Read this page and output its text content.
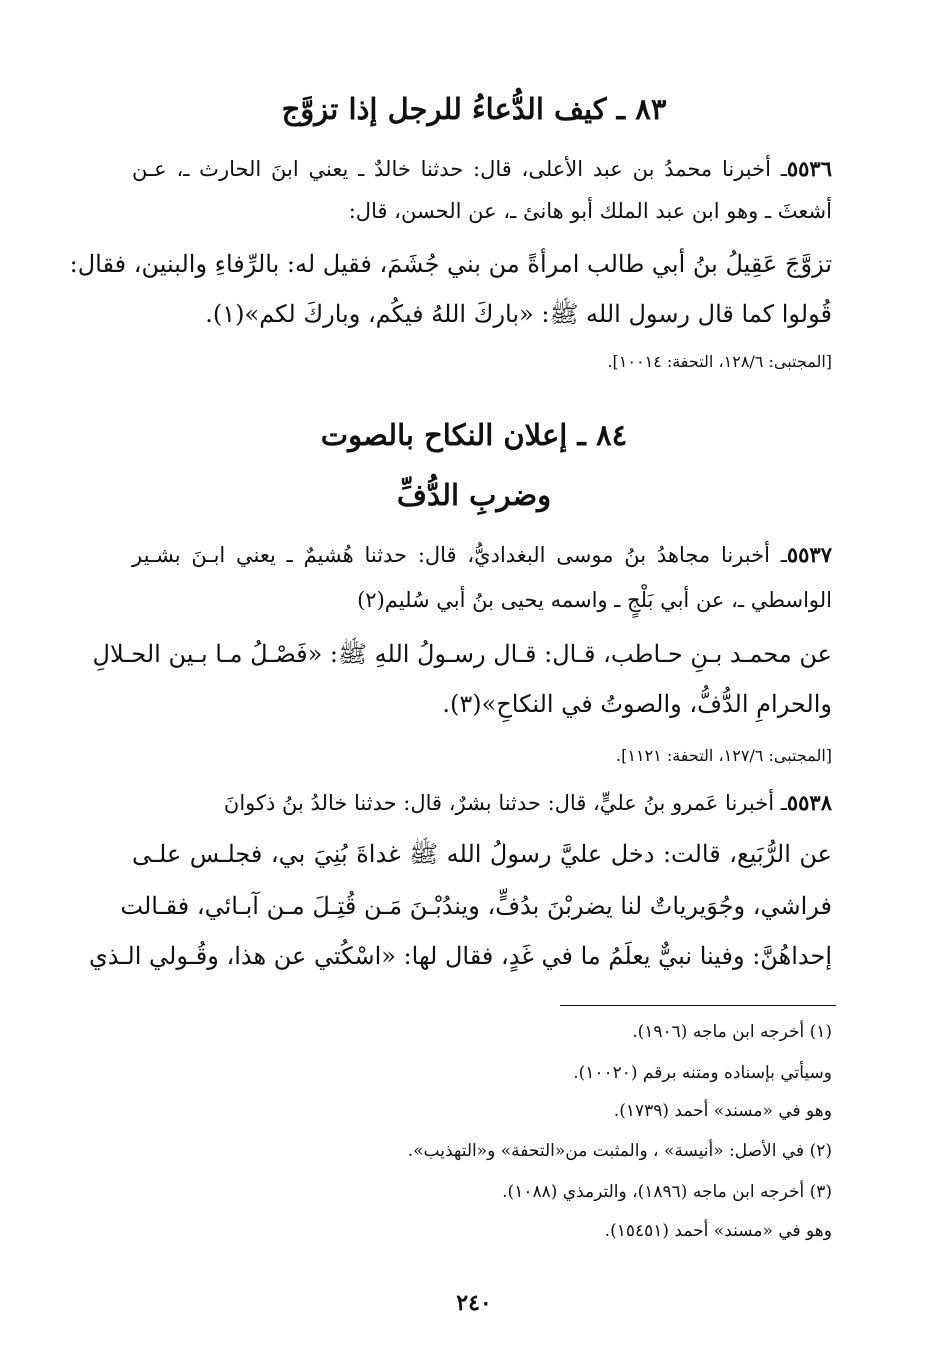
٨٣ ـ كيف الدُّعاءُ للرجل إذا تزوَّج
٥٥٣٦ـ أخبرنا محمدُ بن عبد الأعلى، قال: حدثنا خالدٌ ـ يعني ابنَ الحارث ـ، عـن
أشعثَ ـ وهو ابن عبد الملك أبو هانئ ـ، عن الحسن، قال:
تزوَّجَ عَقِيلُ بنُ أبي طالب امرأةً من بني جُشَمَ، فقيل له: بالرِّفاءِ والبنين، فقال:
قُولوا كما قال رسول الله ﷺ: «باركَ اللهُ فيكُم، وباركَ لكم»(١).
[المجتبى: ١٢٨/٦، التحفة: ١٠٠١٤].
٨٤ ـ إعلان النكاح بالصوت
وضربِ الدُّفِّ
٥٥٣٧ـ أخبرنا مجاهدُ بنُ موسى البغداديُّ، قال: حدثنا هُشيمٌ ـ يعني ابـنَ بشـير
الواسطي ـ، عن أبي بَلْجٍ ـ واسمه يحيى بنُ أبي سُليم(٢)
عن محمـد بـنِ حـاطب، قـال: قـال رسـولُ اللهِ ﷺ: «فَصْـلُ مـا بـين الحـلالِ
والحرامِ الدُّفُّ، والصوتُ في النكاحِ»(٣).
[المجتبى: ١٢٧/٦، التحفة: ١١٢١].
٥٥٣٨ـ أخبرنا عَمرو بنُ عليٍّ، قال: حدثنا بشرٌ، قال: حدثنا خالدُ بنُ ذكوانَ
عن الرُّبَيع، قالت: دخل عليَّ رسولُ الله ﷺ غداةَ بُنِيَ بي، فجلـس علـى
فراشي، وجُوَيرياتٌ لنا يضربْنَ بدُفٍّ، ويندُبْـنَ مَـن قُتِـلَ مـن آبـائي، فقـالت
إحداهُنَّ: وفينا نبيٌّ يعلَمُ ما في غَدٍ، فقال لها: «اسْكُتي عن هذا، وقُـولي الـذي
(١) أخرجه ابن ماجه (١٩٠٦).
وسيأتي بإسناده ومتنه برقم (١٠٠٢٠).
وهو في «مسند» أحمد (١٧٣٩).
(٢) في الأصل: «أنيسة» ، والمثبت من«التحفة» و«التهذيب».
(٣) أخرجه ابن ماجه (١٨٩٦)، والترمذي (١٠٨٨).
وهو في «مسند» أحمد (١٥٤٥١).
٢٤٠
